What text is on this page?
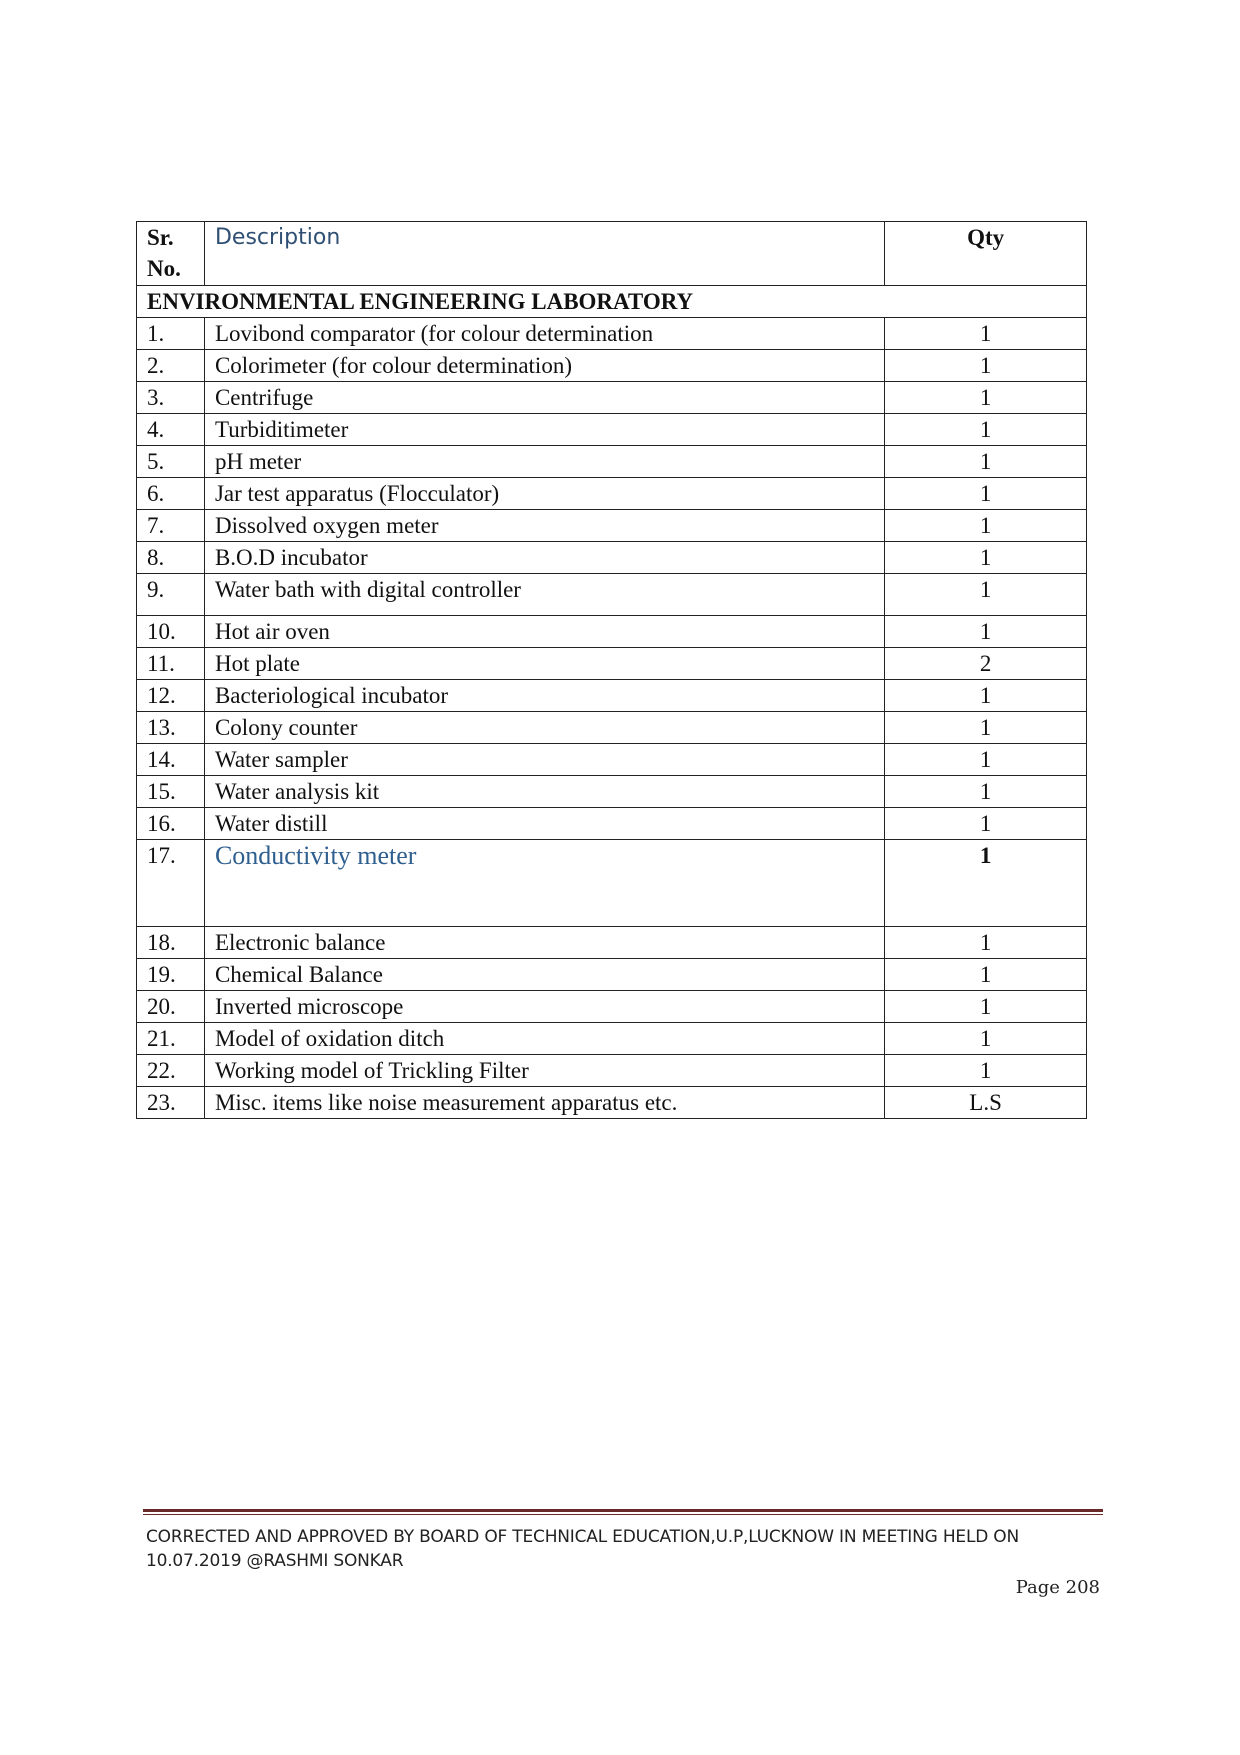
Sr. No.	Description	Qty
ENVIRONMENTAL ENGINEERING LABORATORY		
1.	Lovibond comparator (for colour determination	1
2.	Colorimeter (for colour determination)	1
3.	Centrifuge	1
4.	Turbiditimeter	1
5.	pH meter	1
6.	Jar test apparatus (Flocculator)	1
7.	Dissolved oxygen meter	1
8.	B.O.D incubator	1
9.	Water bath with digital controller	1
10.	Hot air oven	1
11.	Hot plate	2
12.	Bacteriological incubator	1
13.	Colony counter	1
14.	Water sampler	1
15.	Water analysis kit	1
16.	Water distill	1
17.	Conductivity meter	1
18.	Electronic balance	1
19.	Chemical Balance	1
20.	Inverted microscope	1
21.	Model of oxidation ditch	1
22.	Working model of Trickling Filter	1
23.	Misc. items like noise measurement apparatus etc.	L.S
CORRECTED AND APPROVED BY BOARD OF TECHNICAL EDUCATION,U.P,LUCKNOW IN MEETING HELD ON 10.07.2019 @RASHMI SONKAR
Page 208
